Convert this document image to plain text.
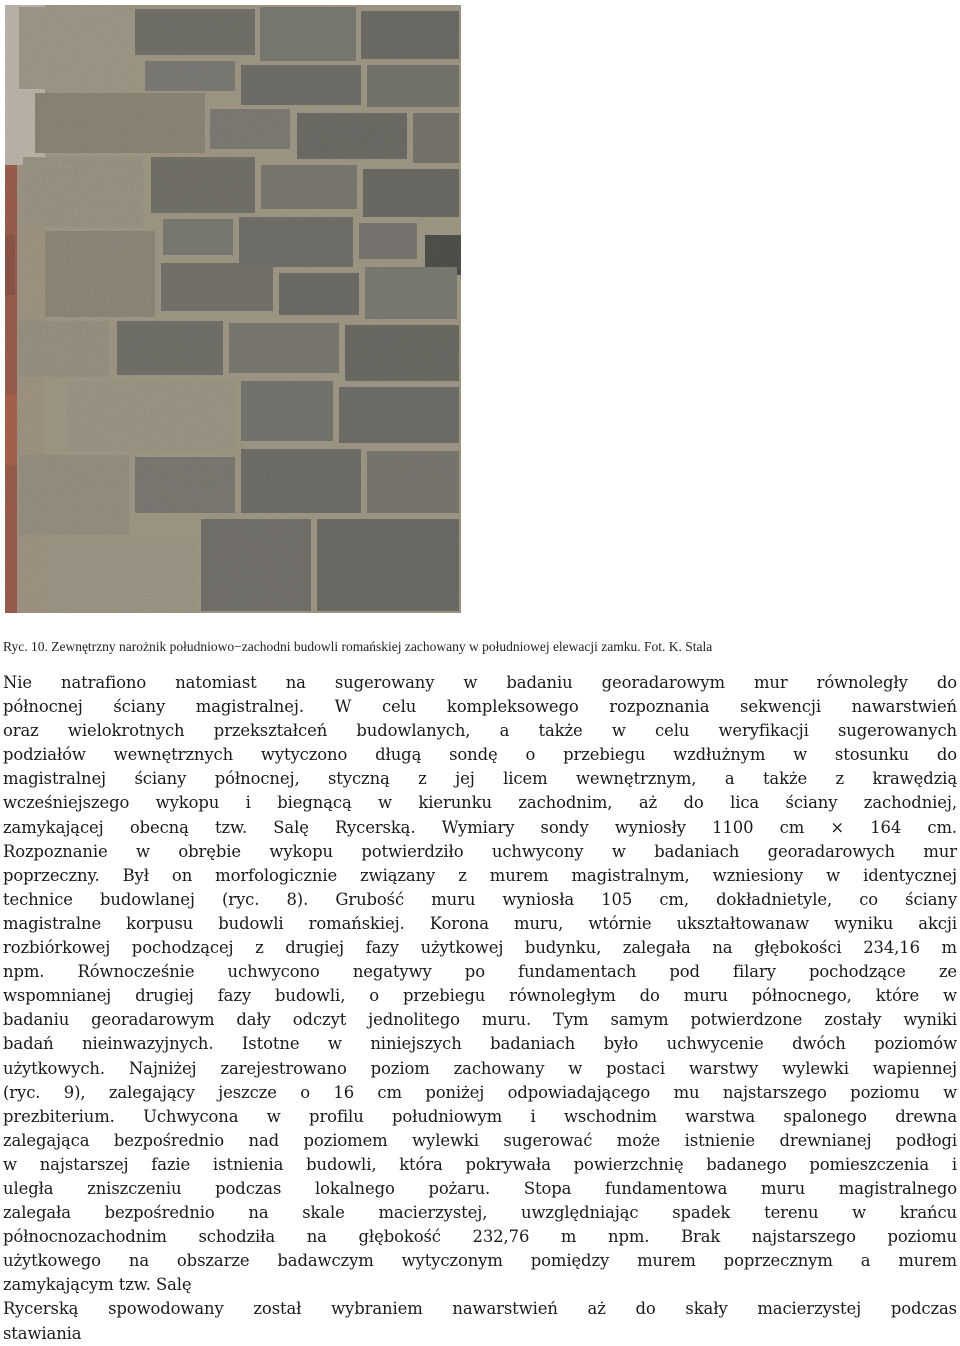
Ryc. 10. Zewnętrzny narożnik południowo−zachodni budowli romańskiej zachowany w południowej elewacji zamku. Fot. K. Stala
Nie natrafiono natomiast na sugerowany w badaniu georadarowym mur równoległy do
północnej ściany magistralnej. W celu kompleksowego rozpoznania sekwencji nawarstwień
oraz wielokrotnych przekształceń budowlanych, a także w celu weryfikacji sugerowanych
podziałów wewnętrznych wytyczono długą sondę o przebiegu wzdłużnym w stosunku do
magistralnej ściany północnej, styczną z jej licem wewnętrznym, a także z krawędzią
wcześniejszego wykopu i biegnącą w kierunku zachodnim, aż do lica ściany zachodniej,
zamykającej obecną tzw. Salę Rycerską. Wymiary sondy wyniosły 1100 cm × 164 cm.
Rozpoznanie w obrębie wykopu potwierdziło uchwycony w badaniach georadarowych mur
poprzeczny. Był on morfologicznie związany z murem magistralnym, wzniesiony w identycznej
technice budowlanej (ryc. 8). Grubość muru wyniosła 105 cm, dokładnietyle, co ściany
magistralne korpusu budowli romańskiej. Korona muru, wtórnie ukształtowanaw wyniku akcji
rozbiórkowej pochodzącej z drugiej fazy użytkowej budynku, zalegała na głębokości 234,16 m
npm. Równocześnie uchwycono negatywy po fundamentach pod filary pochodzące ze
wspomnianej drugiej fazy budowli, o przebiegu równoległym do muru północnego, które w
badaniu georadarowym dały odczyt jednolitego muru. Tym samym potwierdzone zostały wyniki
badań nieinwazyjnych. Istotne w niniejszych badaniach było uchwycenie dwóch poziomów
użytkowych. Najniżej zarejestrowano poziom zachowany w postaci warstwy wylewki wapiennej
(ryc. 9), zalegający jeszcze o 16 cm poniżej odpowiadającego mu najstarszego poziomu w
prezbiterium. Uchwycona w profilu południowym i wschodnim warstwa spalonego drewna
zalegająca bezpośrednio nad poziomem wylewki sugerować może istnienie drewnianej podłogi
w najstarszej fazie istnienia budowli, która pokrywała powierzchnię badanego pomieszczenia i
uległa zniszczeniu podczas lokalnego pożaru. Stopa fundamentowa muru magistralnego
zalegała bezpośrednio na skale macierzystej, uwzględniając spadek terenu w krańcu
północnozachodnim schodziła na głębokość 232,76 m npm. Brak najstarszego poziomu
użytkowego na obszarze badawczym wytyczonym pomiędzy murem poprzecznym a murem
zamykającym tzw. Salę
Rycerską spowodowany został wybraniem nawarstwień aż do skały macierzystej podczas
stawiania
